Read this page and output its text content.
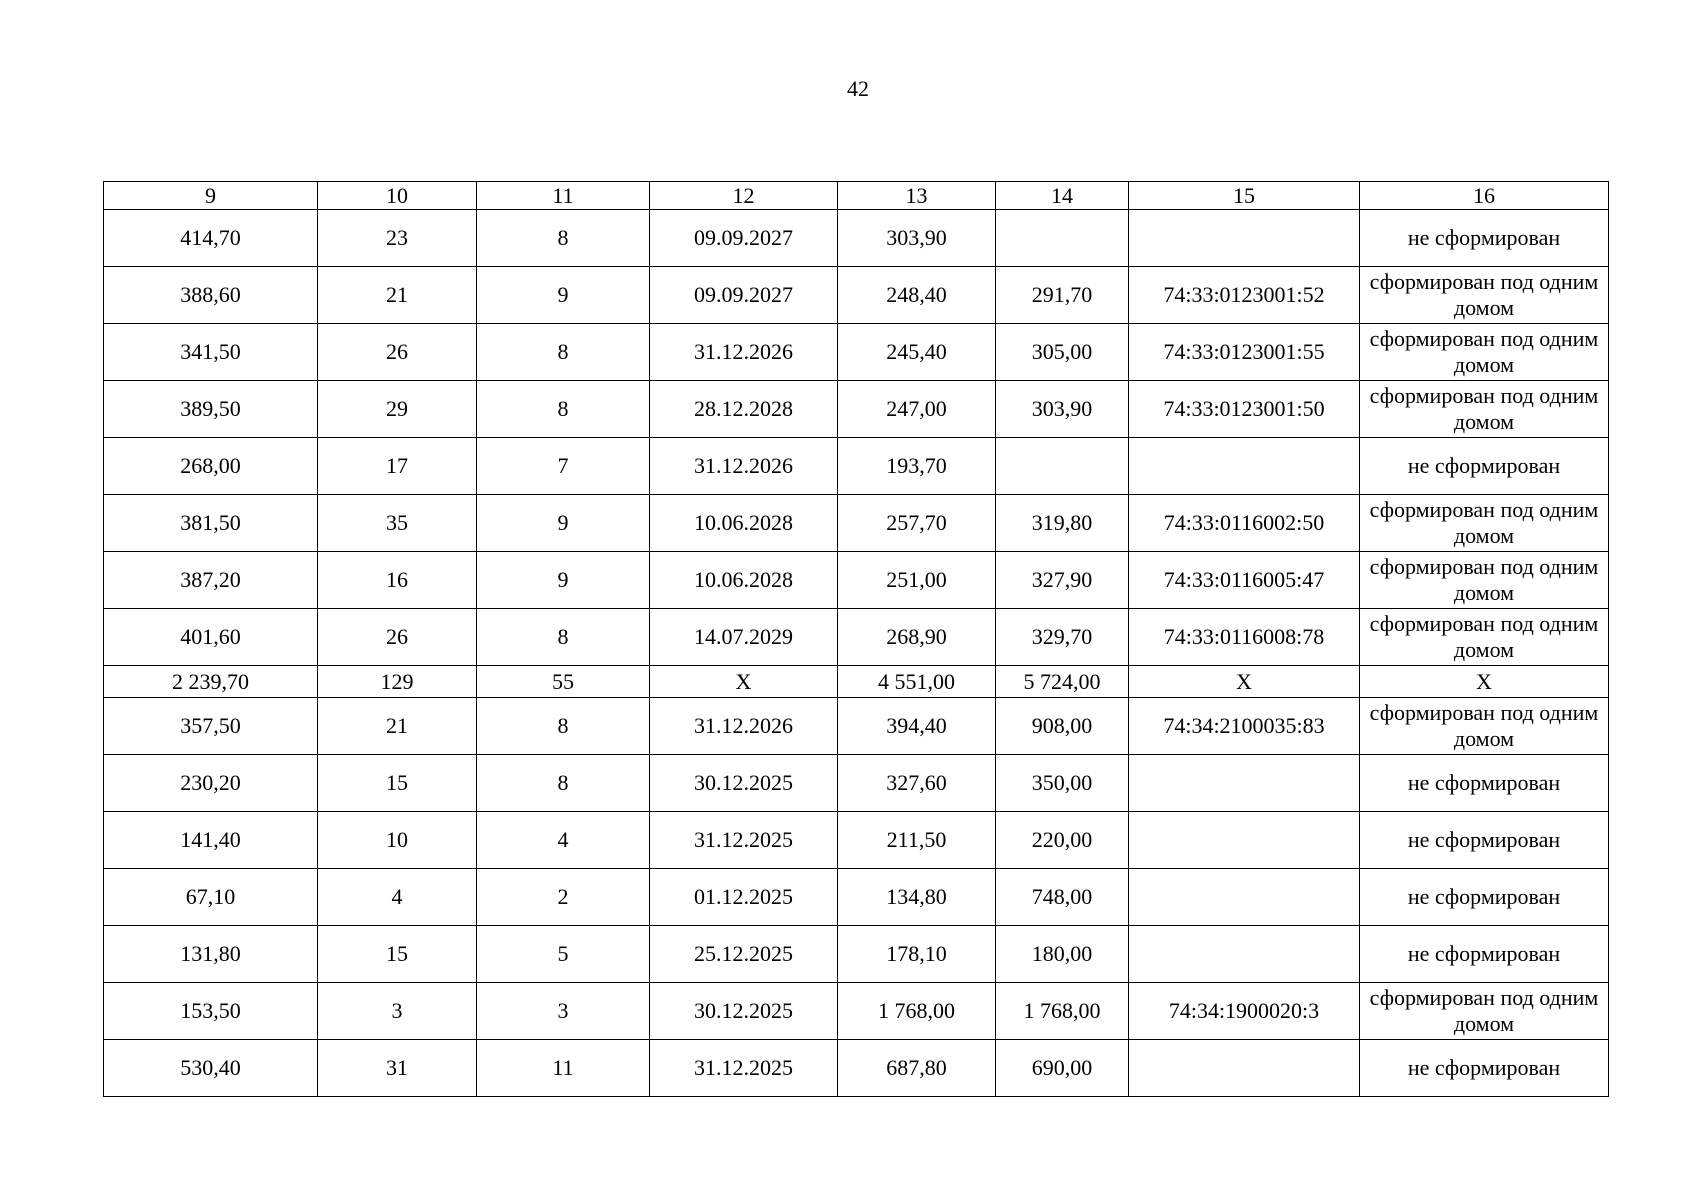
42
9	10	11	12	13	14	15	16
414,70	23	8	09.09.2027	303,90			не сформирован
388,60	21	9	09.09.2027	248,40	291,70	74:33:0123001:52	сформирован под одним домом
341,50	26	8	31.12.2026	245,40	305,00	74:33:0123001:55	сформирован под одним домом
389,50	29	8	28.12.2028	247,00	303,90	74:33:0123001:50	сформирован под одним домом
268,00	17	7	31.12.2026	193,70			не сформирован
381,50	35	9	10.06.2028	257,70	319,80	74:33:0116002:50	сформирован под одним домом
387,20	16	9	10.06.2028	251,00	327,90	74:33:0116005:47	сформирован под одним домом
401,60	26	8	14.07.2029	268,90	329,70	74:33:0116008:78	сформирован под одним домом
2 239,70	129	55	Х	4 551,00	5 724,00	Х	Х
357,50	21	8	31.12.2026	394,40	908,00	74:34:2100035:83	сформирован под одним домом
230,20	15	8	30.12.2025	327,60	350,00		не сформирован
141,40	10	4	31.12.2025	211,50	220,00		не сформирован
67,10	4	2	01.12.2025	134,80	748,00		не сформирован
131,80	15	5	25.12.2025	178,10	180,00		не сформирован
153,50	3	3	30.12.2025	1 768,00	1 768,00	74:34:1900020:3	сформирован под одним домом
530,40	31	11	31.12.2025	687,80	690,00		не сформирован
